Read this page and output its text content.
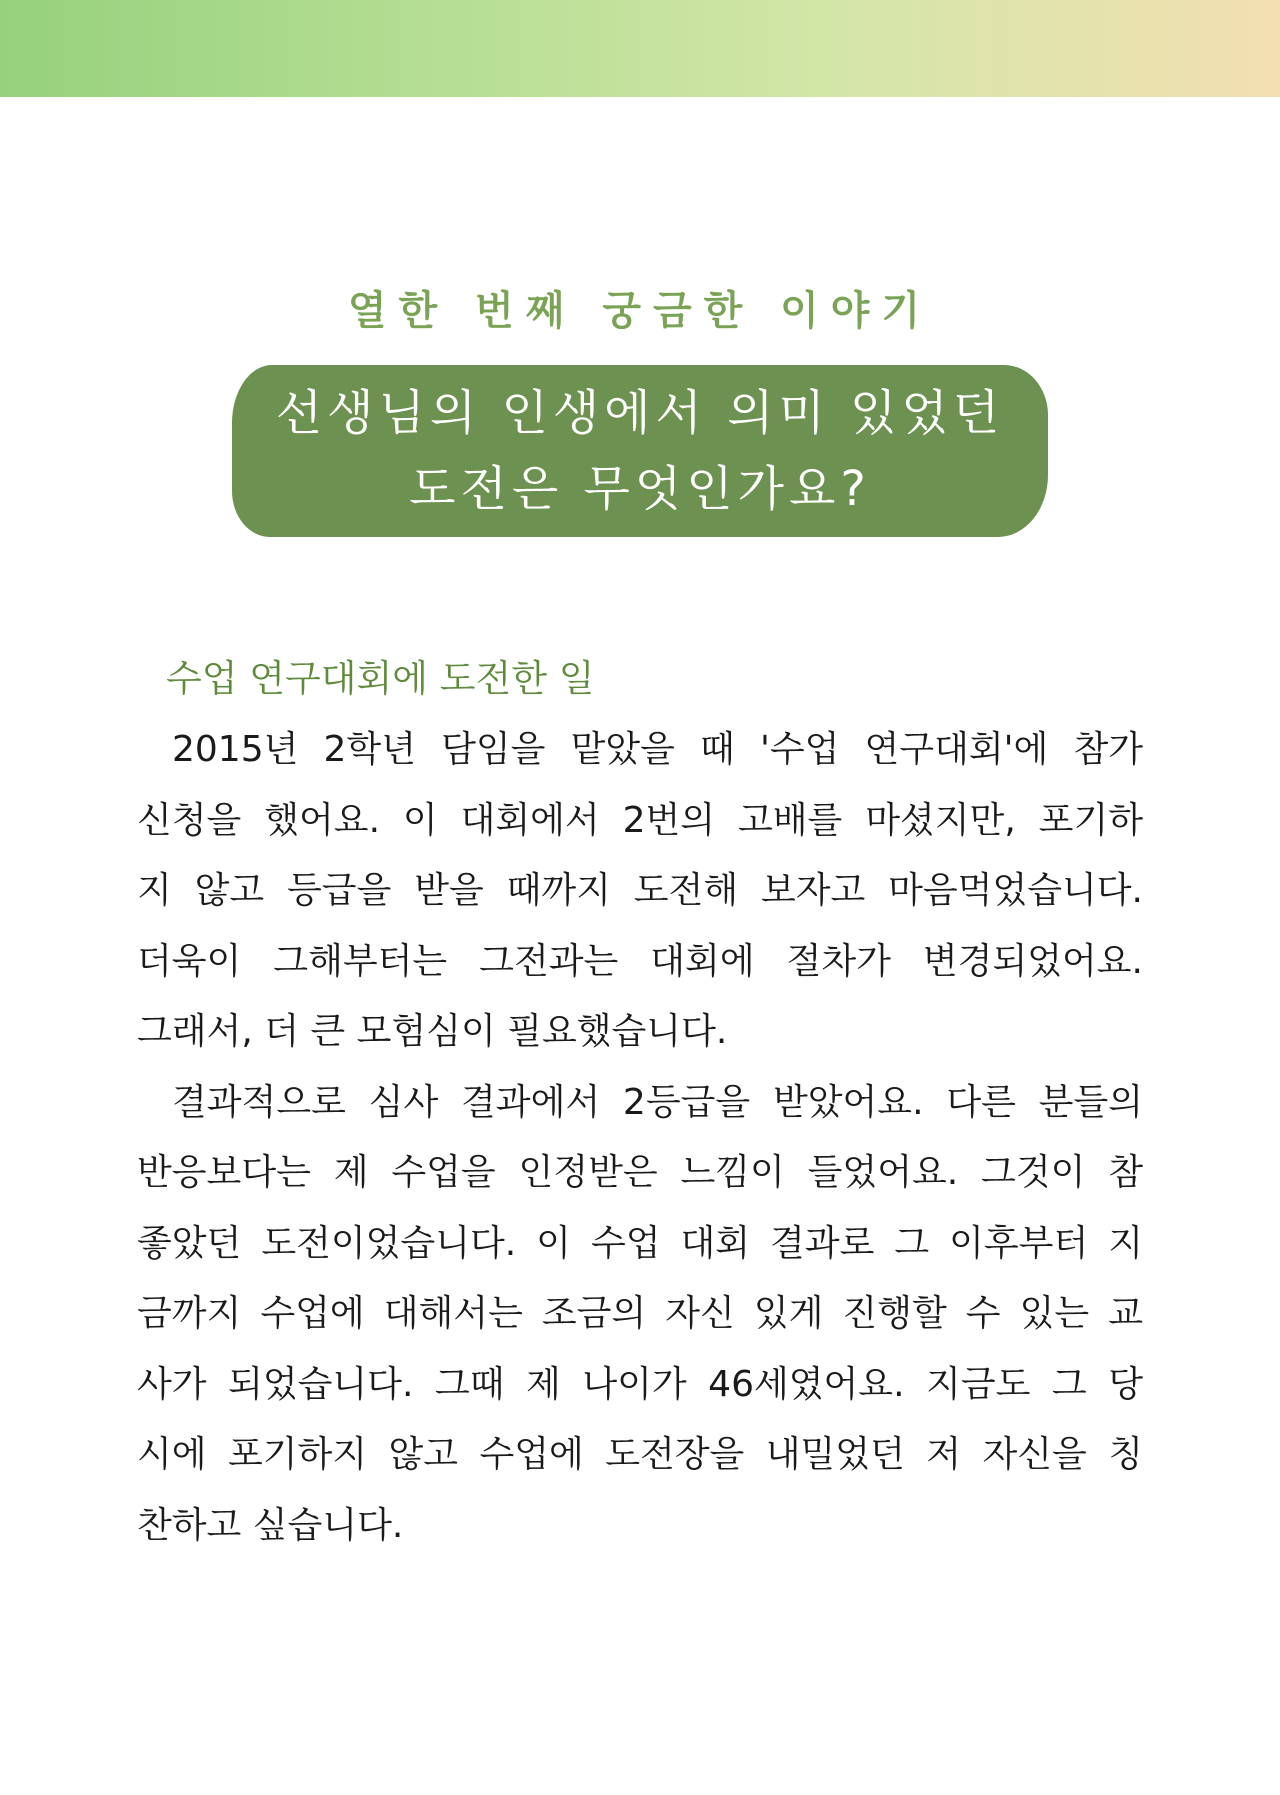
열한 번째 궁금한 이야기
선생님의 인생에서 의미 있었던
도전은 무엇인가요?
수업 연구대회에 도전한 일
2015년 2학년 담임을 맡았을 때 '수업 연구대회'에 참가
신청을 했어요. 이 대회에서 2번의 고배를 마셨지만, 포기하
지 않고 등급을 받을 때까지 도전해 보자고 마음먹었습니다.
더욱이 그해부터는 그전과는 대회에 절차가 변경되었어요.
그래서, 더 큰 모험심이 필요했습니다.
결과적으로 심사 결과에서 2등급을 받았어요. 다른 분들의
반응보다는 제 수업을 인정받은 느낌이 들었어요. 그것이 참
좋았던 도전이었습니다. 이 수업 대회 결과로 그 이후부터 지
금까지 수업에 대해서는 조금의 자신 있게 진행할 수 있는 교
사가 되었습니다. 그때 제 나이가 46세였어요. 지금도 그 당
시에 포기하지 않고 수업에 도전장을 내밀었던 저 자신을 칭
찬하고 싶습니다.
